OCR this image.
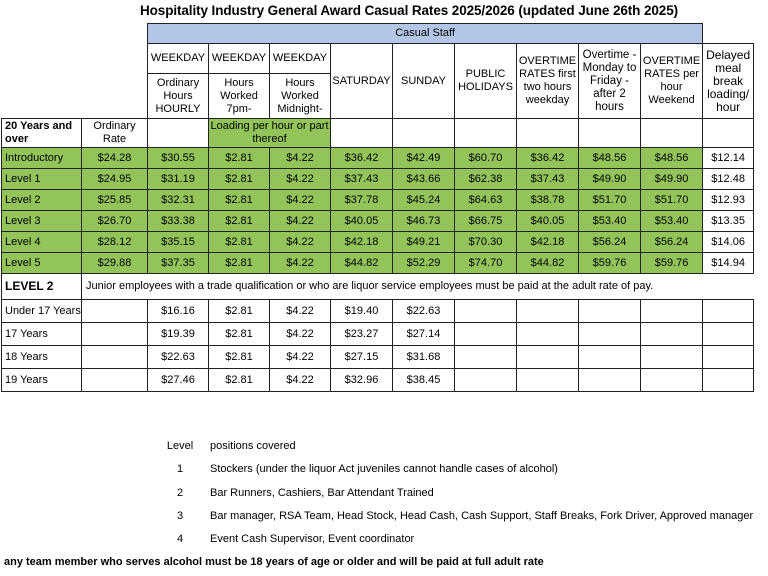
Hospitality Industry General Award Casual Rates 2025/2026 (updated June 26th 2025)
		Casual Staff									
		WEEKDAY	WEEKDAY	WEEKDAY	SATURDAY	SUNDAY	PUBLIC HOLIDAYS	OVERTIME RATES first two hours weekday	Overtime - Monday to Friday - after 2 hours	OVERTIME RATES per hour Weekend	Delayed meal break loading/ hour
		Ordinary Hours HOURLY	Hours Worked 7pm-	Hours Worked Midnight-							
20 Years and over	Ordinary Rate		Loading per hour or part thereof								
Introductory	$24.28	$30.55	$2.81	$4.22	$36.42	$42.49	$60.70	$36.42	$48.56	$48.56	$12.14
Level 1	$24.95	$31.19	$2.81	$4.22	$37.43	$43.66	$62.38	$37.43	$49.90	$49.90	$12.48
Level 2	$25.85	$32.31	$2.81	$4.22	$37.78	$45.24	$64.63	$38.78	$51.70	$51.70	$12.93
Level 3	$26.70	$33.38	$2.81	$4.22	$40.05	$46.73	$66.75	$40.05	$53.40	$53.40	$13.35
Level 4	$28.12	$35.15	$2.81	$4.22	$42.18	$49.21	$70.30	$42.18	$56.24	$56.24	$14.06
Level 5	$29.88	$37.35	$2.81	$4.22	$44.82	$52.29	$74.70	$44.82	$59.76	$59.76	$14.94
LEVEL 2	Junior employees with a trade qualification or who are liquor service employees must be paid at the adult rate of pay.										
Under 17 Years		$16.16	$2.81	$4.22	$19.40	$22.63					
17 Years		$19.39	$2.81	$4.22	$23.27	$27.14					
18 Years		$22.63	$2.81	$4.22	$27.15	$31.68					
19 Years		$27.46	$2.81	$4.22	$32.96	$38.45					
Level	positions covered
1	Stockers (under the liquor Act juveniles cannot handle cases of alcohol)
2	Bar Runners, Cashiers, Bar Attendant Trained
3	Bar manager, RSA Team, Head Stock, Head Cash, Cash Support, Staff Breaks, Fork Driver, Approved manager
4	Event Cash Supervisor, Event coordinator
any team member who serves alcohol must be 18 years of age or older and will be paid at full adult rate
